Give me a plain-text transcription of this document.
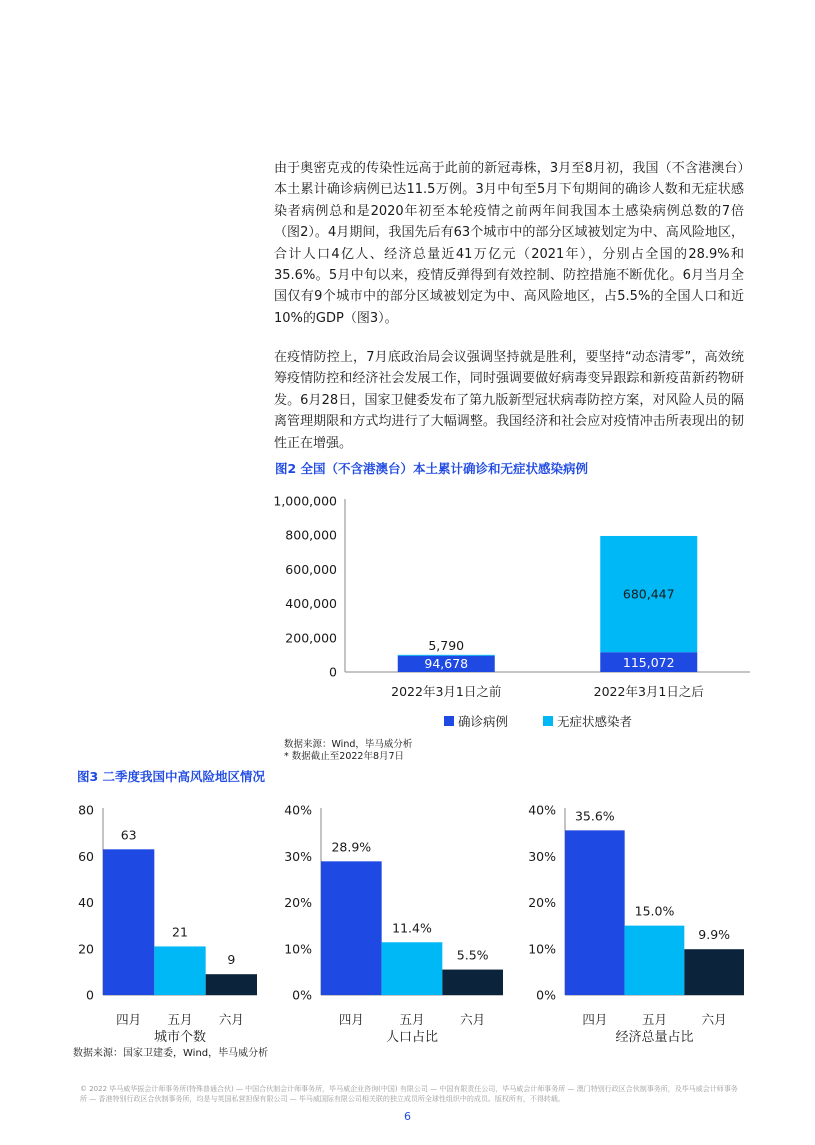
由于奥密克戎的传染性远高于此前的新冠毒株，3月至8月初，我国（不含港澳台）本土累计确诊病例已达11.5万例。3月中旬至5月下旬期间的确诊人数和无症状感染者病例总和是2020年初至本轮疫情之前两年间我国本土感染病例总数的7倍（图2）。4月期间，我国先后有63个城市中的部分区域被划定为中、高风险地区，合计人口4亿人、经济总量近41万亿元（2021年），分别占全国的28.9%和35.6%。5月中旬以来，疫情反弹得到有效控制、防控措施不断优化。6月当月全国仅有9个城市中的部分区域被划定为中、高风险地区，占5.5%的全国人口和近10%的GDP（图3）。

在疫情防控上，7月底政治局会议强调坚持就是胜利，要坚持“动态清零”，高效统筹疫情防控和经济社会发展工作，同时强调要做好病毒变异跟踪和新疫苗新药物研发。6月28日，国家卫健委发布了第九版新型冠状病毒防控方案，对风险人员的隔离管理期限和方式均进行了大幅调整。我国经济和社会应对疫情冲击所表现出的韧性正在增强。

图2 全国（不含港澳台）本土累计确诊和无症状感染病例

0
200,000
400,000
600,000
800,000
1,000,000
94,678
5,790
2022年3月1日之前
115,072
680,447
2022年3月1日之后
确诊病例	无症状感染者
数据来源：Wind，毕马威分析
* 数据截止至2022年8月7日

图3 二季度我国中高风险地区情况

0
20
40
60
80
63
四月
21
五月
9
六月
城市个数
0%
10%
20%
30%
40%
28.9%
四月
11.4%
五月
5.5%
六月
人口占比
0%
10%
20%
30%
40% 35.6%
四月
15.0%
五月
9.9%
六月
经济总量占比
数据来源：国家卫建委，Wind，毕马威分析
© 2022 毕马威华振会计师事务所(特殊普通合伙) — 中国合伙制会计师事务所，毕马威企业咨询(中国) 有限公司 — 中国有限责任公司，毕马威会计师事务所 — 澳门特别行政区合伙制事务所，及毕马威会计师事务所 — 香港特别行政区合伙制事务所，均是与英国私营担保有限公司 — 毕马威国际有限公司相关联的独立成员所全球性组织中的成员。版权所有，不得转载。
6
